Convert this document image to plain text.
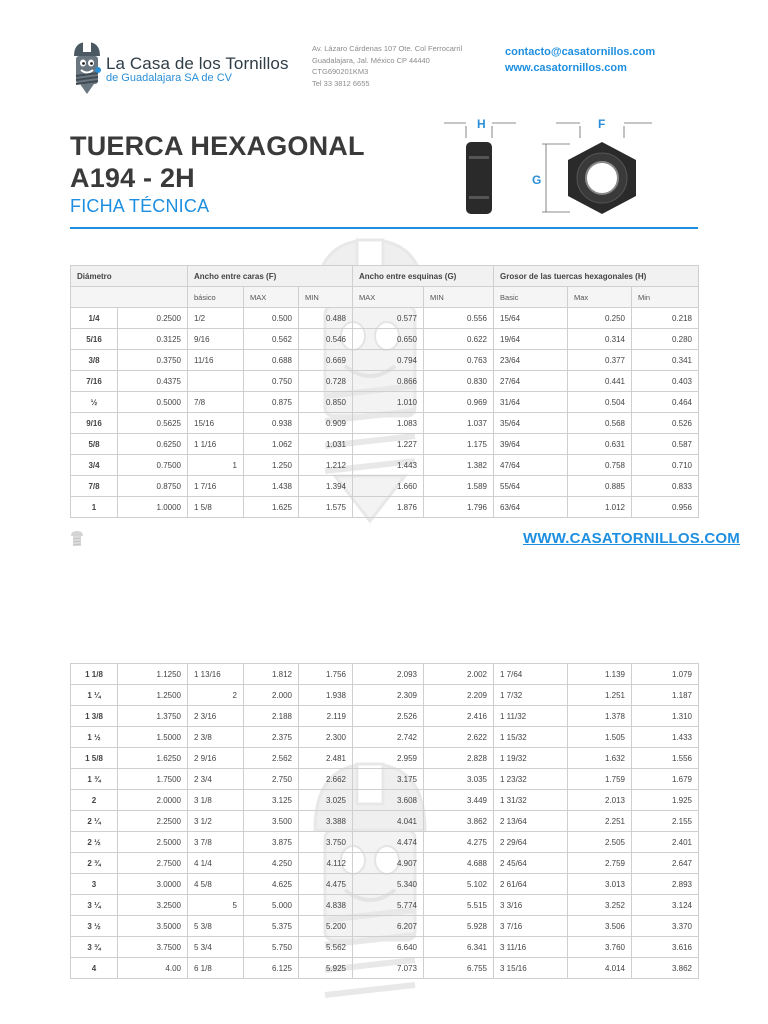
La Casa de los Tornillos
de Guadalajara SA de CV
Av. Lázaro Cárdenas 107 Ote. Col Ferrocarril
Guadalajara, Jal. México CP 44440
CTG690201KM3
Tel 33 3812 6655
contacto@casatornillos.com
www.casatornillos.com
TUERCA HEXAGONAL
A194 - 2H
FICHA TÉCNICA
H	F
G
Diámetro		Ancho entre caras (F)			Ancho entre esquinas (G)		Grosor de las tuercas hexagonales (H)		
		básico	MAX	MIN	MAX	MIN	Basic	Max	Min
1/4	0.2500	1/2	0.500	0.488	0.577	0.556	15/64	0.250	0.218
5/16	0.3125	9/16	0.562	0.546	0.650	0.622	19/64	0.314	0.280
3/8	0.3750	11/16	0.688	0.669	0.794	0.763	23/64	0.377	0.341
7/16	0.4375		0.750	0.728	0.866	0.830	27/64	0.441	0.403
½	0.5000	7/8	0.875	0.850	1.010	0.969	31/64	0.504	0.464
9/16	0.5625	15/16	0.938	0.909	1.083	1.037	35/64	0.568	0.526
5/8	0.6250	1 1/16	1.062	1.031	1.227	1.175	39/64	0.631	0.587
3/4	0.7500	1	1.250	1.212	1.443	1.382	47/64	0.758	0.710
7/8	0.8750	1 7/16	1.438	1.394	1.660	1.589	55/64	0.885	0.833
1	1.0000	1 5/8	1.625	1.575	1.876	1.796	63/64	1.012	0.956
WWW.CASATORNILLOS.COM
1 1/8	1.1250	1 13/16	1.812	1.756	2.093	2.002	1 7/64	1.139	1.079
1 ¼	1.2500	2	2.000	1.938	2.309	2.209	1 7/32	1.251	1.187
1 3/8	1.3750	2 3/16	2.188	2.119	2.526	2.416	1 11/32	1.378	1.310
1 ½	1.5000	2 3/8	2.375	2.300	2.742	2.622	1 15/32	1.505	1.433
1 5/8	1.6250	2 9/16	2.562	2.481	2.959	2.828	1 19/32	1.632	1.556
1 ¾	1.7500	2 3/4	2.750	2.662	3.175	3.035	1 23/32	1.759	1.679
2	2.0000	3 1/8	3.125	3.025	3.608	3.449	1 31/32	2.013	1.925
2 ¼	2.2500	3 1/2	3.500	3.388	4.041	3.862	2 13/64	2.251	2.155
2 ½	2.5000	3 7/8	3.875	3.750	4.474	4.275	2 29/64	2.505	2.401
2 ¾	2.7500	4 1/4	4.250	4.112	4.907	4.688	2 45/64	2.759	2.647
3	3.0000	4 5/8	4.625	4.475	5.340	5.102	2 61/64	3.013	2.893
3 ¼	3.2500	5	5.000	4.838	5.774	5.515	3 3/16	3.252	3.124
3 ½	3.5000	5 3/8	5.375	5.200	6.207	5.928	3 7/16	3.506	3.370
3 ¾	3.7500	5 3/4	5.750	5.562	6.640	6.341	3 11/16	3.760	3.616
4	4.00	6 1/8	6.125	5.925	7.073	6.755	3 15/16	4.014	3.862
